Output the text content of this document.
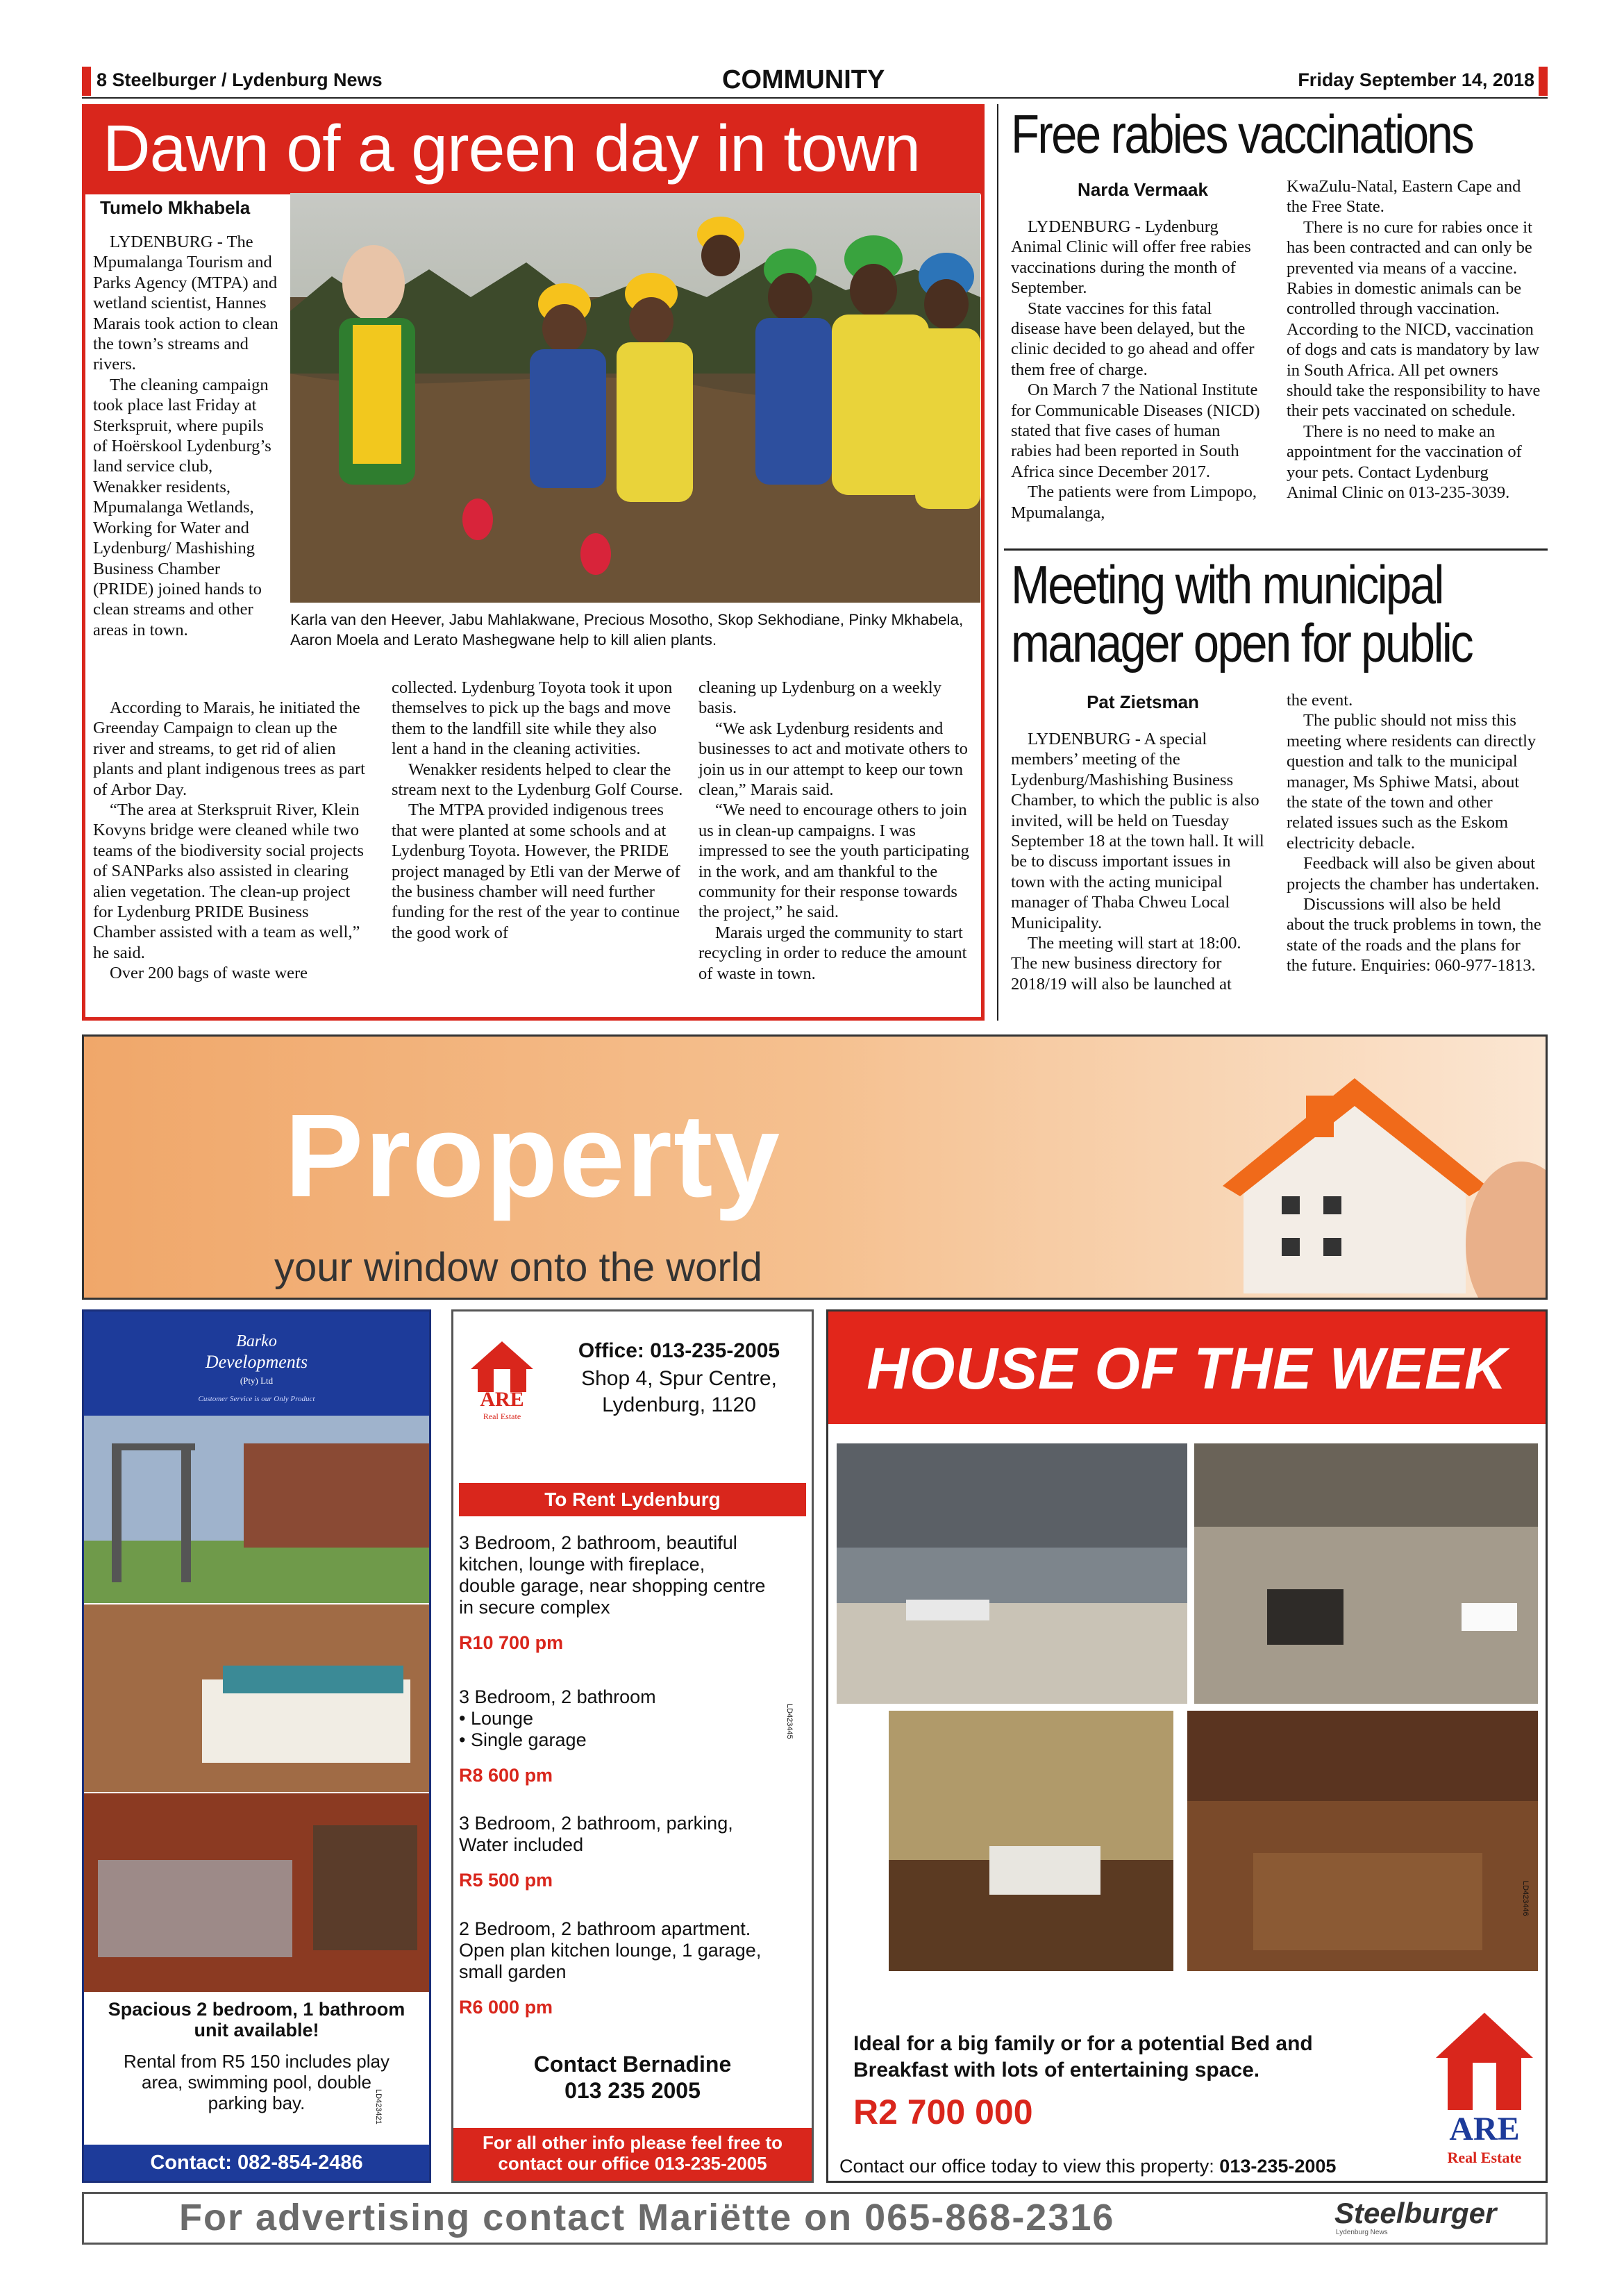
8 Steelburger / Lydenburg News	COMMUNITY	Friday September 14, 2018
Dawn of a green day in town
Tumelo Mkhabela
Karla van den Heever, Jabu Mahlakwane, Precious Mosotho, Skop Sekhodiane, Pinky Mkhabela, Aaron Moela and Lerato Mashegwane help to kill alien plants.

LYDENBURG - The Mpumalanga Tourism and Parks Agency (MTPA) and wetland scientist, Hannes Marais took action to clean the town’s streams and rivers.

The cleaning campaign took place last Friday at Sterkspruit, where pupils of Hoërskool Lydenburg’s land service club, Wenakker residents, Mpumalanga Wetlands, Working for Water and Lydenburg/ Mashishing Business Chamber (PRIDE) joined hands to clean streams and other areas in town.

According to Marais, he initiated the Greenday Campaign to clean up the river and streams, to get rid of alien plants and plant indigenous trees as part of Arbor Day.

“The area at Sterkspruit River, Klein Kovyns bridge were cleaned while two teams of the biodiversity social projects of SANParks also assisted in clearing alien vegetation. The clean-up project for Lydenburg PRIDE Business Chamber assisted with a team as well,” he said.

Over 200 bags of waste were

collected. Lydenburg Toyota took it upon themselves to pick up the bags and move them to the landfill site while they also lent a hand in the cleaning activities.

Wenakker residents helped to clear the stream next to the Lydenburg Golf Course.

The MTPA provided indigenous trees that were planted at some schools and at Lydenburg Toyota. However, the PRIDE project managed by Etli van der Merwe of the business chamber will need further funding for the rest of the year to continue the good work of

cleaning up Lydenburg on a weekly basis.

“We ask Lydenburg residents and businesses to act and motivate others to join us in our attempt to keep our town clean,” Marais said.

“We need to encourage others to join us in clean-up campaigns. I was impressed to see the youth participating in the work, and am thankful to the community for their response towards the project,” he said.

Marais urged the community to start recycling in order to reduce the amount of waste in town.

Free rabies vaccinations
Narda Vermaak

LYDENBURG - Lydenburg Animal Clinic will offer free rabies vaccinations during the month of September.

State vaccines for this fatal disease have been delayed, but the clinic decided to go ahead and offer them free of charge.

On March 7 the National Institute for Communicable Diseases (NICD) stated that five cases of human rabies had been reported in South Africa since December 2017.

The patients were from Limpopo, Mpumalanga,

KwaZulu-Natal, Eastern Cape and the Free State.

There is no cure for rabies once it has been contracted and can only be prevented via means of a vaccine. Rabies in domestic animals can be controlled through vaccination. According to the NICD, vaccination of dogs and cats is mandatory by law in South Africa. All pet owners should take the responsibility to have their pets vaccinated on schedule.

There is no need to make an appointment for the vaccination of your pets. Contact Lydenburg Animal Clinic on 013-235-3039.

Meeting with municipal manager open for public
Pat Zietsman

LYDENBURG - A special members’ meeting of the Lydenburg/Mashishing Business Chamber, to which the public is also invited, will be held on Tuesday September 18 at the town hall. It will be to discuss important issues in town with the acting municipal manager of Thaba Chweu Local Municipality.

The meeting will start at 18:00. The new business directory for 2018/19 will also be launched at

the event.

The public should not miss this meeting where residents can directly question and talk to the municipal manager, Ms Sphiwe Matsi, about the state of the town and other related issues such as the Eskom electricity debacle.

Feedback will also be given about projects the chamber has undertaken.

Discussions will also be held about the truck problems in town, the state of the roads and the plans for the future. Enquiries: 060-977-1813.

Property
your window onto the world
Barko
Developments
(Pty) Ltd
Customer Service is our Only Product
Spacious 2 bedroom, 1 bathroom unit available!
Rental from R5 150 includes play area, swimming pool, double parking bay.
Contact: 082-854-2486
LD423421
ARE
Real Estate
Office: 013-235-2005
Shop 4, Spur Centre,
Lydenburg, 1120
To Rent Lydenburg
3 Bedroom, 2 bathroom, beautiful
kitchen, lounge with fireplace,
double garage, near shopping centre
in secure complex
R10 700 pm
3 Bedroom, 2 bathroom
• Lounge
• Single garage
R8 600 pm
3 Bedroom, 2 bathroom, parking,
Water included
R5 500 pm
2 Bedroom, 2 bathroom apartment.
Open plan kitchen lounge, 1 garage,
small garden
R6 000 pm
Contact Bernadine
013 235 2005
For all other info please feel free to contact our office 013-235-2005
LD423445
HOUSE OF THE WEEK
Ideal for a big family or for a potential Bed and Breakfast with lots of entertaining space.
R2 700 000
Contact our office today to view this property: 013-235-2005
ARE
Real Estate
LD423446
For advertising contact Mariëtte on 065-868-2316	Steelburger
Lydenburg News
